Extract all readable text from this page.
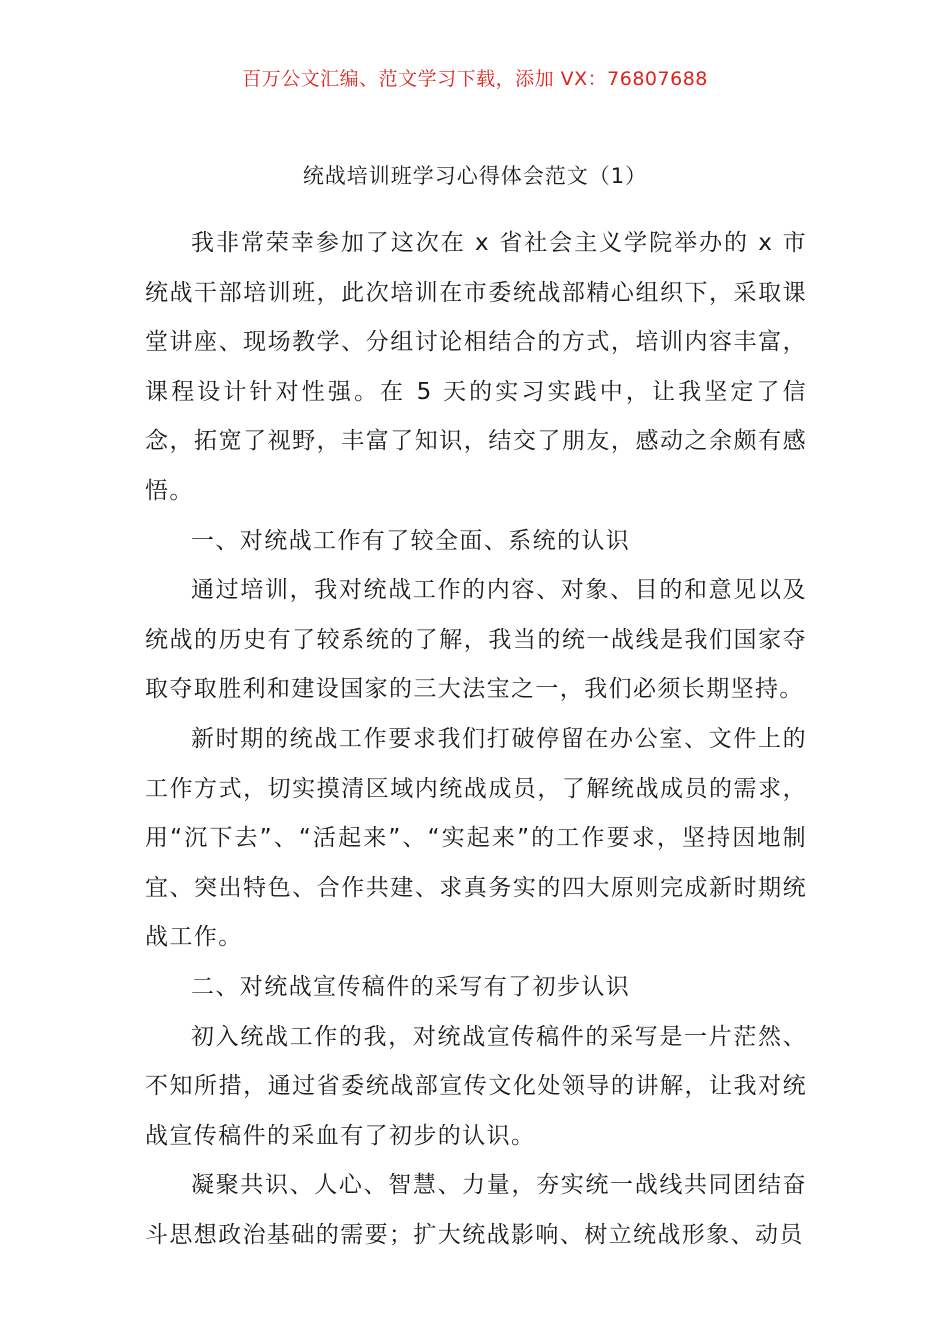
百万公文汇编、范文学习下载，添加 VX：76807688
统战培训班学习心得体会范文（1）

我非常荣幸参加了这次在 x 省社会主义学院举办的 x 市统战干部培训班，此次培训在市委统战部精心组织下，采取课堂讲座、现场教学、分组讨论相结合的方式，培训内容丰富，课程设计针对性强。在 5 天的实习实践中，让我坚定了信念，拓宽了视野，丰富了知识，结交了朋友，感动之余颇有感悟。

一、对统战工作有了较全面、系统的认识

通过培训，我对统战工作的内容、对象、目的和意见以及统战的历史有了较系统的了解，我当的统一战线是我们国家夺取夺取胜利和建设国家的三大法宝之一，我们必须长期坚持。

新时期的统战工作要求我们打破停留在办公室、文件上的工作方式，切实摸清区域内统战成员，了解统战成员的需求，用“沉下去”、“活起来”、“实起来”的工作要求，坚持因地制宜、突出特色、合作共建、求真务实的四大原则完成新时期统战工作。

二、对统战宣传稿件的采写有了初步认识

初入统战工作的我，对统战宣传稿件的采写是一片茫然、不知所措，通过省委统战部宣传文化处领导的讲解，让我对统战宣传稿件的采血有了初步的认识。

凝聚共识、人心、智慧、力量，夯实统一战线共同团结奋斗思想政治基础的需要；扩大统战影响、树立统战形象、动员
